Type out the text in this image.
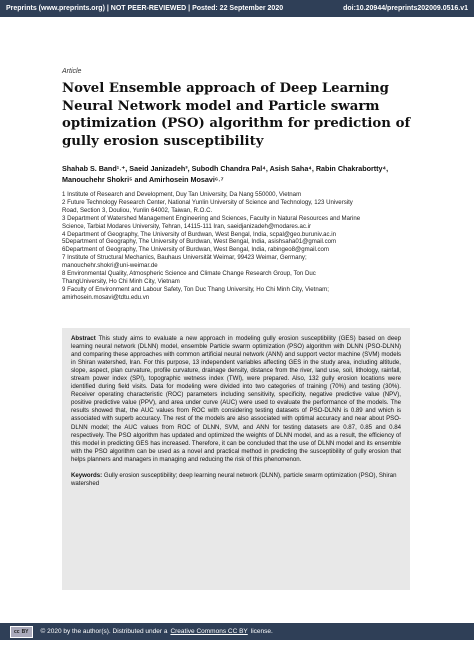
Preprints (www.preprints.org) | NOT PEER-REVIEWED | Posted: 22 September 2020	doi:10.20944/preprints202009.0516.v1
Article
Novel Ensemble approach of Deep Learning Neural Network model and Particle swarm optimization (PSO) algorithm for prediction of gully erosion susceptibility
Shahab S. Band¹˒⁺, Saeid Janizadeh³, Subodh Chandra Pal⁴, Asish Saha⁴, Rabin Chakrabortty⁴,
Manouchehr Shokri⁵ and Amirhosein Mosavi⁶˒⁷
1 Institute of Research and Development, Duy Tan University, Da Nang 550000, Vietnam
2 Future Technology Research Center, National Yunlin University of Science and Technology, 123 University
Road, Section 3, Douliou, Yunlin 64002, Taiwan, R.O.C.
3 Department of Watershed Management Engineering and Sciences, Faculty in Natural Resources and Marine
Science, Tarbiat Modares University, Tehran, 14115-111 Iran, saeidjanizadeh@modares.ac.ir
4 Department of Geography, The University of Burdwan, West Bengal, India, scpal@geo.buruniv.ac.in
5Department of Geography, The University of Burdwan, West Bengal, India, asishsaha01@gmail.com
6Department of Geography, The University of Burdwan, West Bengal, India, rabingeo8@gmail.com
7 Institute of Structural Mechanics, Bauhaus Universität Weimar, 99423 Weimar, Germany;
manouchehr.shokri@uni-weimar.de
8 Environmental Quality, Atmospheric Science and Climate Change Research Group, Ton Duc
ThangUniversity, Ho Chi Minh City, Vietnam
9 Faculty of Environment and Labour Safety, Ton Duc Thang University, Ho Chi Minh City, Vietnam;
amirhosein.mosavi@tdtu.edu.vn

Abstract This study aims to evaluate a new approach in modeling gully erosion susceptibility (GES) based on deep learning neural network (DLNN) model, ensemble Particle swarm optimization (PSO) algorithm with DLNN (PSO-DLNN) and comparing these approaches with common artificial neural network (ANN) and support vector machine (SVM) models in Shiran watershed, Iran. For this purpose, 13 independent variables affecting GES in the study area, including altitude, slope, aspect, plan curvature, profile curvature, drainage density, distance from the river, land use, soil, lithology, rainfall, stream power index (SPI), topographic wetness index (TWI), were prepared. Also, 132 gully erosion locations were identified during field visits. Data for modeling were divided into two categories of training (70%) and testing (30%). Receiver operating characteristic (ROC) parameters including sensitivity, specificity, negative predictive value (NPV), positive predictive value (PPV), and area under curve (AUC) were used to evaluate the performance of the models. The results showed that, the AUC values from ROC with considering testing datasets of PSO-DLNN is 0.89 and which is associated with superb accuracy. The rest of the models are also associated with optimal accuracy and near about PSO-DLNN model; the AUC values from ROC of DLNN, SVM, and ANN for testing datasets are 0.87, 0.85 and 0.84 respectively. The PSO algorithm has updated and optimized the weights of DLNN model, and as a result, the efficiency of this model in predicting GES has increased. Therefore, it can be concluded that the use of DLNN model and its ensemble with the PSO algorithm can be used as a novel and practical method in predicting the susceptibility of gully erosion that helps planners and managers in managing and reducing the risk of this phenomenon.

Keywords: Gully erosion susceptibility; deep learning neural network (DLNN), particle swarm optimization (PSO), Shiran watershed

cc BY © 2020 by the author(s). Distributed under a Creative Commons CC BY license.
